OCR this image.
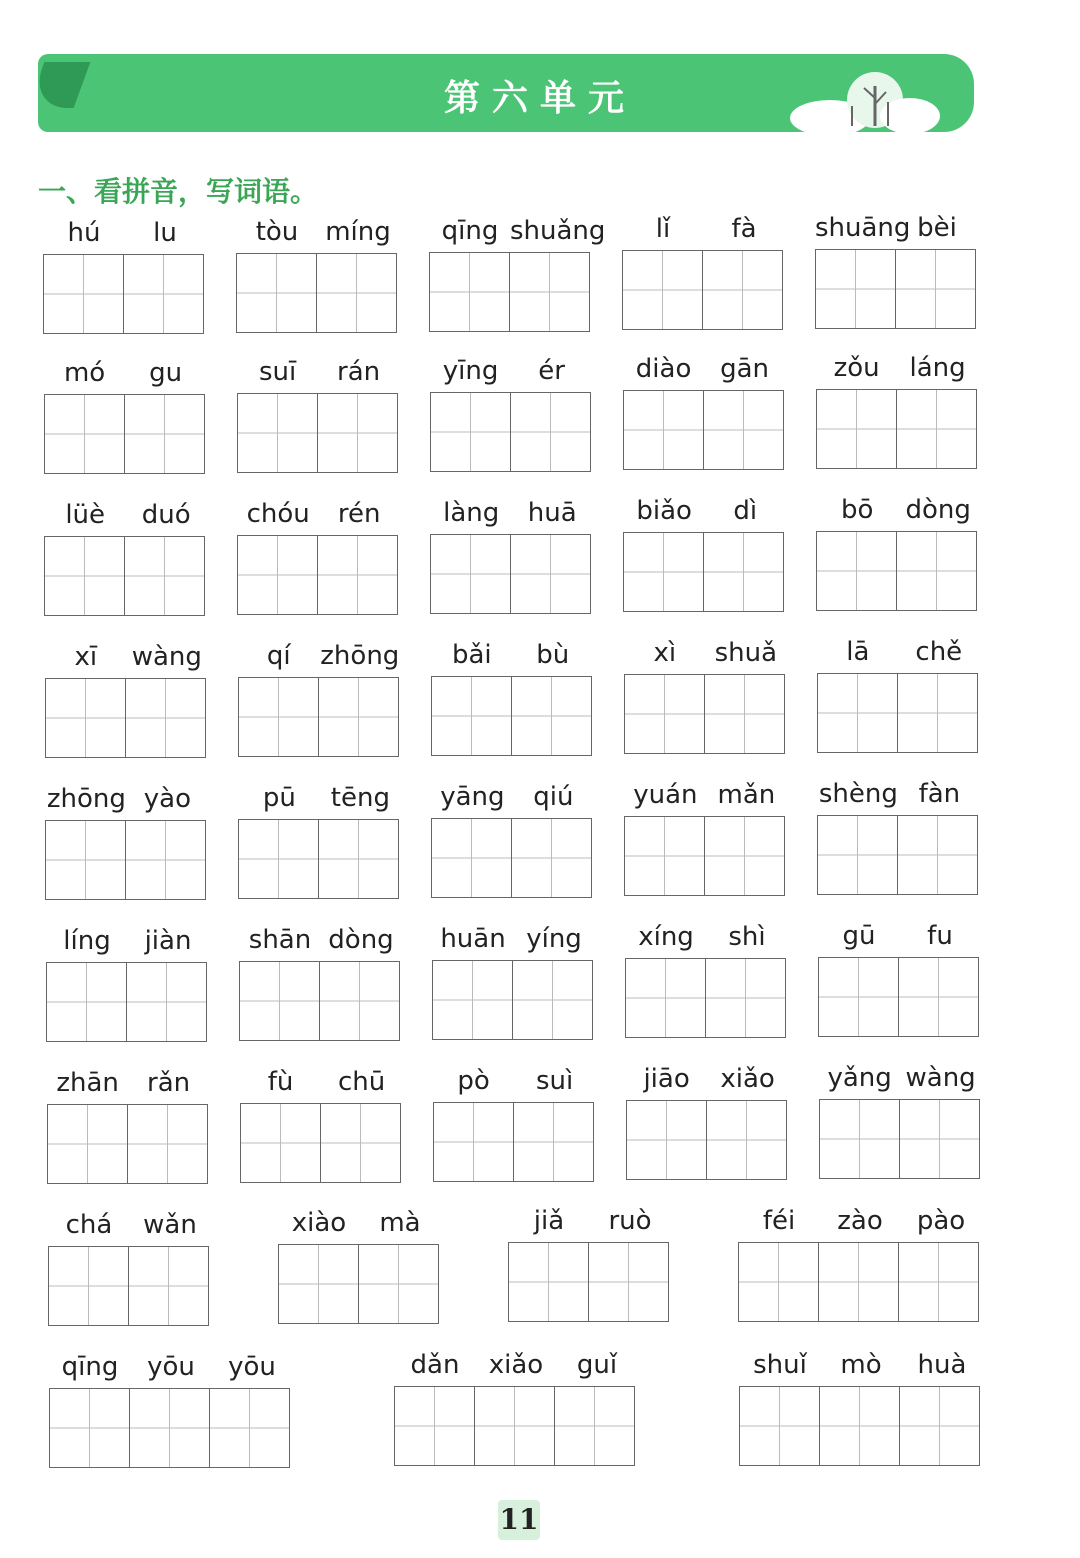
第六单元
一、看拼音，写词语。
hú	lu	tòu	míng	qīng shuǎng	lǐ	fà	shuāng bèi
mó	gu	suī	rán	yīng	ér	diào	gān	zǒu	láng
lüè	duó	chóu	rén	làng	huā	biǎo	dì	bō	dòng
xī	wàng	qí	zhōng	bǎi	bù	xì	shuǎ	lā	chě
zhōng yào	pū	tēng	yāng	qiú	yuán mǎn	shèng fàn
líng	jiàn	shān dòng	huān yíng	xíng	shì	gū	fu
zhān	rǎn	fù	chū	pò	suì	jiāo	xiǎo	yǎng wàng
chá	wǎn	xiào	mà	jiǎ	ruò	féi	zào	pào
qīng	yōu	yōu	dǎn	xiǎo	guǐ	shuǐ	mò	huà
11
